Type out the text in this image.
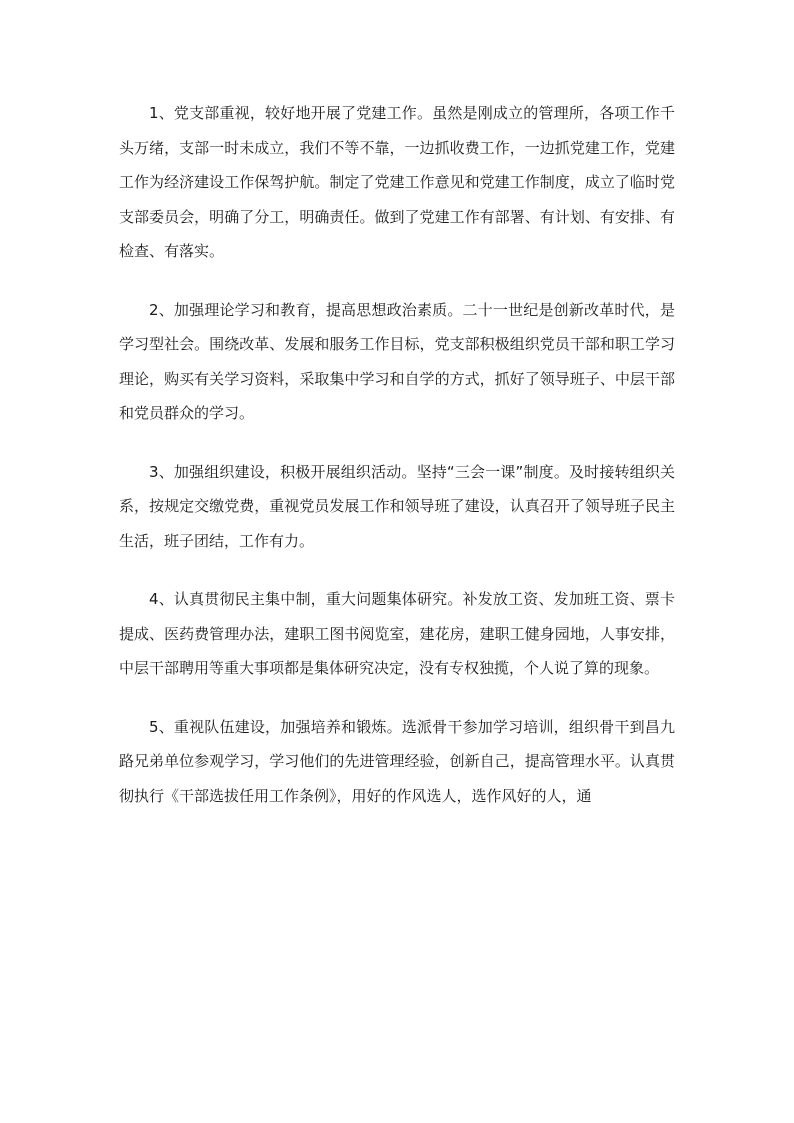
1、党支部重视，较好地开展了党建工作。虽然是刚成立的管理所，各项工作千头万绪，支部一时未成立，我们不等不靠，一边抓收费工作，一边抓党建工作，党建工作为经济建设工作保驾护航。制定了党建工作意见和党建工作制度，成立了临时党支部委员会，明确了分工，明确责任。做到了党建工作有部署、有计划、有安排、有检查、有落实。

2、加强理论学习和教育，提高思想政治素质。二十一世纪是创新改革时代，是学习型社会。围绕改革、发展和服务工作目标，党支部积极组织党员干部和职工学习理论，购买有关学习资料，采取集中学习和自学的方式，抓好了领导班子、中层干部和党员群众的学习。

3、加强组织建设，积极开展组织活动。坚持“三会一课”制度。及时接转组织关系，按规定交缴党费，重视党员发展工作和领导班了建设，认真召开了领导班子民主生活，班子团结，工作有力。

4、认真贯彻民主集中制，重大问题集体研究。补发放工资、发加班工资、票卡提成、医药费管理办法，建职工图书阅览室，建花房，建职工健身园地，人事安排，中层干部聘用等重大事项都是集体研究决定，没有专权独揽，个人说了算的现象。

5、重视队伍建设，加强培养和锻炼。选派骨干参加学习培训，组织骨干到昌九路兄弟单位参观学习，学习他们的先进管理经验，创新自己，提高管理水平。认真贯彻执行《干部选拔任用工作条例》，用好的作风选人，选作风好的人，通
